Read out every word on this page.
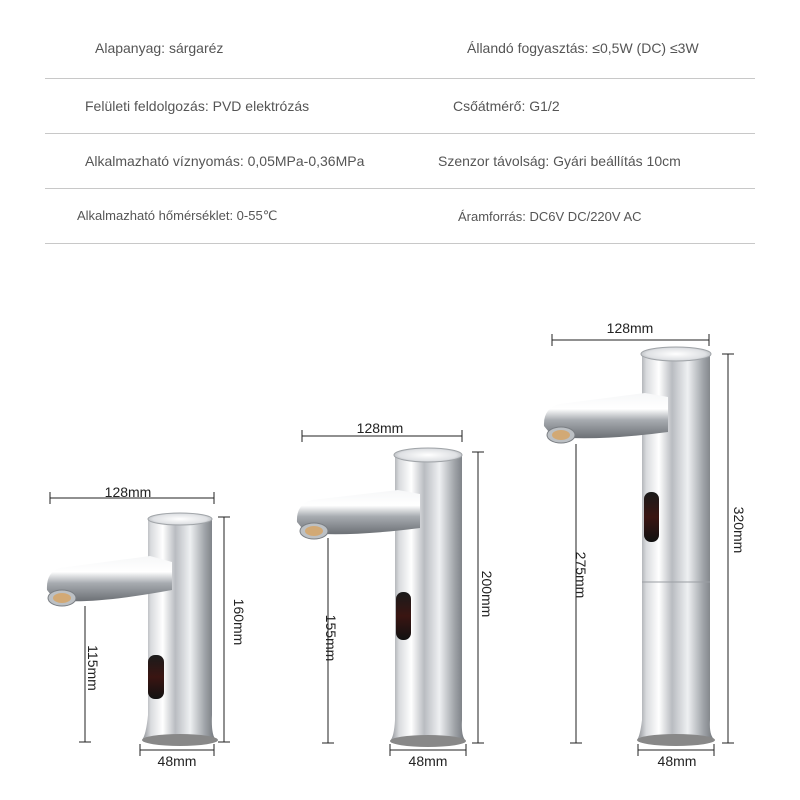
Alapanyag: sárgaréz	Állandó fogyasztás: ≤0,5W (DC) ≤3W
Felületi feldolgozás: PVD elektrózás	Csőátmérő: G1/2
Alkalmazható víznyomás: 0,05MPa-0,36MPa	Szenzor távolság: Gyári beállítás 10cm
Alkalmazható hőmérséklet: 0-55℃	Áramforrás: DC6V DC/220V AC
128mm
160mm
115mm
48mm
128mm
200mm
155mm
48mm
128mm
320mm
275mm
48mm
